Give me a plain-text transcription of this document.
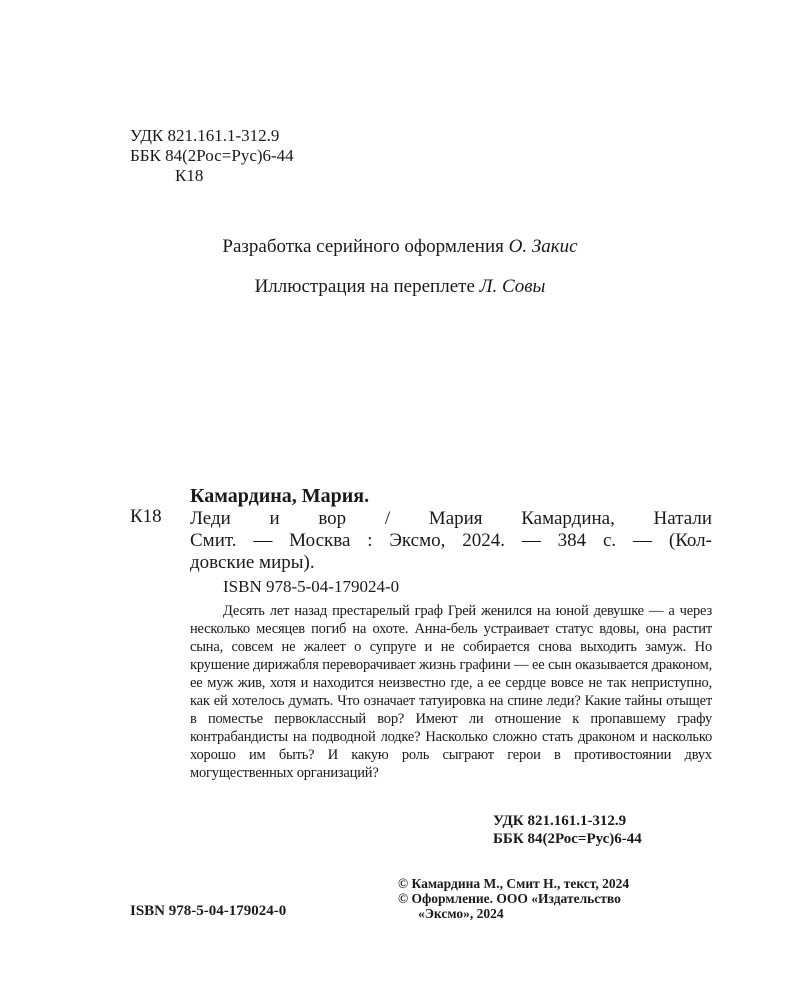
УДК 821.161.1-312.9
ББК 84(2Рос=Рус)6-44
К18
Разработка серийного оформления О. Закис
Иллюстрация на переплете Л. Совы
К18
Камардина, Мария.
Леди и вор / Мария Камардина, Натали
Смит. — Москва : Эксмо, 2024. — 384 с. — (Кол-
довские миры).
ISBN 978-5-04-179024-0
Десять лет назад престарелый граф Грей женился на юной девушке — а через несколько месяцев погиб на охоте. Анна-бель устраивает статус вдовы, она растит сына, совсем не жалеет о супруге и не собирается снова выходить замуж. Но крушение дирижабля переворачивает жизнь графини — ее сын оказывается драконом, ее муж жив, хотя и находится неизвестно где, а ее сердце вовсе не так неприступно, как ей хотелось думать. Что означает татуировка на спине леди? Какие тайны отыщет в поместье первоклассный вор? Имеют ли отношение к пропавшему графу контрабандисты на подводной лодке? Насколько сложно стать драконом и насколько хорошо им быть? И какую роль сыграют герои в противостоянии двух могущественных организаций?
УДК 821.161.1-312.9
ББК 84(2Рос=Рус)6-44
© Камардина М., Смит Н., текст, 2024
© Оформление. ООО «Издательство
«Эксмо», 2024
ISBN 978-5-04-179024-0
